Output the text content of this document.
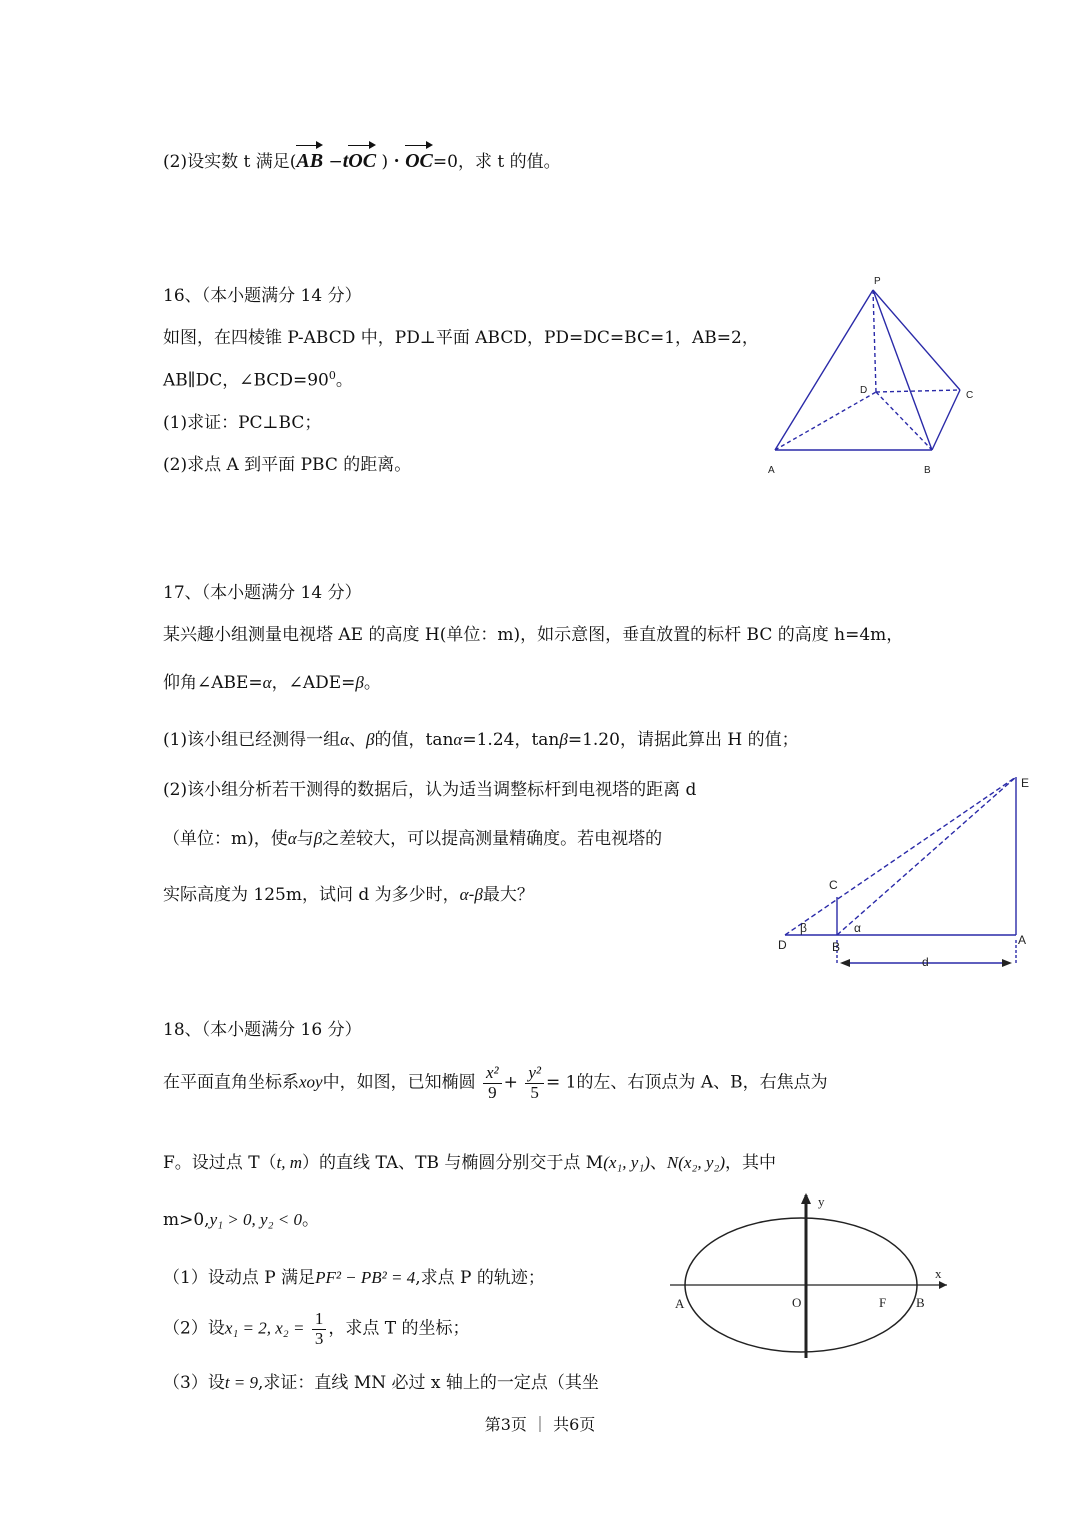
(2)设实数 t 满足(AB −tOC )・OC=0，求 t 的值。
16、（本小题满分 14 分）
如图，在四棱锥 P-ABCD 中，PD⊥平面 ABCD，PD=DC=BC=1，AB=2，
AB∥DC，$\angle BCD=90^0$。
(1)求证：PC⊥BC；
(2)求点 A 到平面 PBC 的距离。
P
D	C
A	B
17、（本小题满分 14 分）
某兴趣小组测量电视塔 AE 的高度 H(单位：m)，如示意图，垂直放置的标杆 BC 的高度 h=4m，
仰角∠ABE=α，∠ADE=β。
(1)该小组已经测得一组α、β的值，tanα=1.24，tanβ=1.20，请据此算出 H 的值；
(2)该小组分析若干测得的数据后，认为适当调整标杆到电视塔的距离 d
（单位：m)，使α与β之差较大，可以提高测量精确度。若电视塔的
实际高度为 125m，试问 d 为多少时，α-β最大？
E
C
D	B	A
β	α
d
18、（本小题满分 16 分）
在平面直角坐标系xoy中，如图，已知椭圆 $\frac{\text{x²}}{9} + \frac{\text{y²}}{5} = 1$的左、右顶点为 A、B，右焦点为
F。设过点 T（t, m）的直线 TA、TB 与椭圆分别交于点 M(x₁, y₁)、N(x₂, y₂)，其中
m>0,y₁ > 0, y₂ < 0。
（1）设动点 P 满足PF² − PB² = 4,求点 P 的轨迹；
（2）设x₁ = 2, $x_2 = \frac{1}{3}$ ，求点 T 的坐标；
（3）设t = 9,求证：直线 MN 必过 x 轴上的一定点（其坐
y
x
A	O	F B
第3页 ｜ 共6页
